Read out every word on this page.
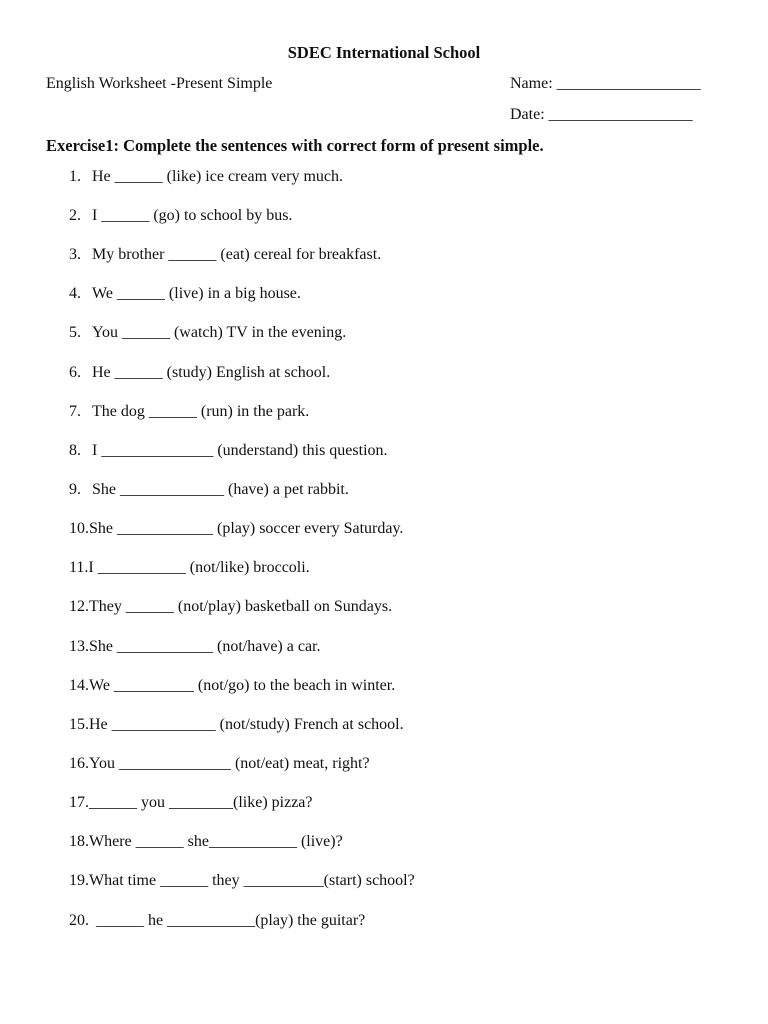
SDEC International School
English Worksheet -Present Simple	Name: __________________
Date: __________________
Exercise1: Complete the sentences with correct form of present simple.
1. He ______ (like) ice cream very much.
2. I ______ (go) to school by bus.
3. My brother ______ (eat) cereal for breakfast.
4. We ______ (live) in a big house.
5. You ______ (watch) TV in the evening.
6. He ______ (study) English at school.
7. The dog ______ (run) in the park.
8. I ______________ (understand) this question.
9. She _____________ (have) a pet rabbit.
10.She ____________ (play) soccer every Saturday.
11.I ___________ (not/like) broccoli.
12.They ______ (not/play) basketball on Sundays.
13.She ____________ (not/have) a car.
14.We __________ (not/go) to the beach in winter.
15.He _____________ (not/study) French at school.
16.You ______________ (not/eat) meat, right?
17.______ you ________(like) pizza?
18.Where ______ she___________ (live)?
19.What time ______ they __________(start) school?
20. ______ he ___________(play) the guitar?
